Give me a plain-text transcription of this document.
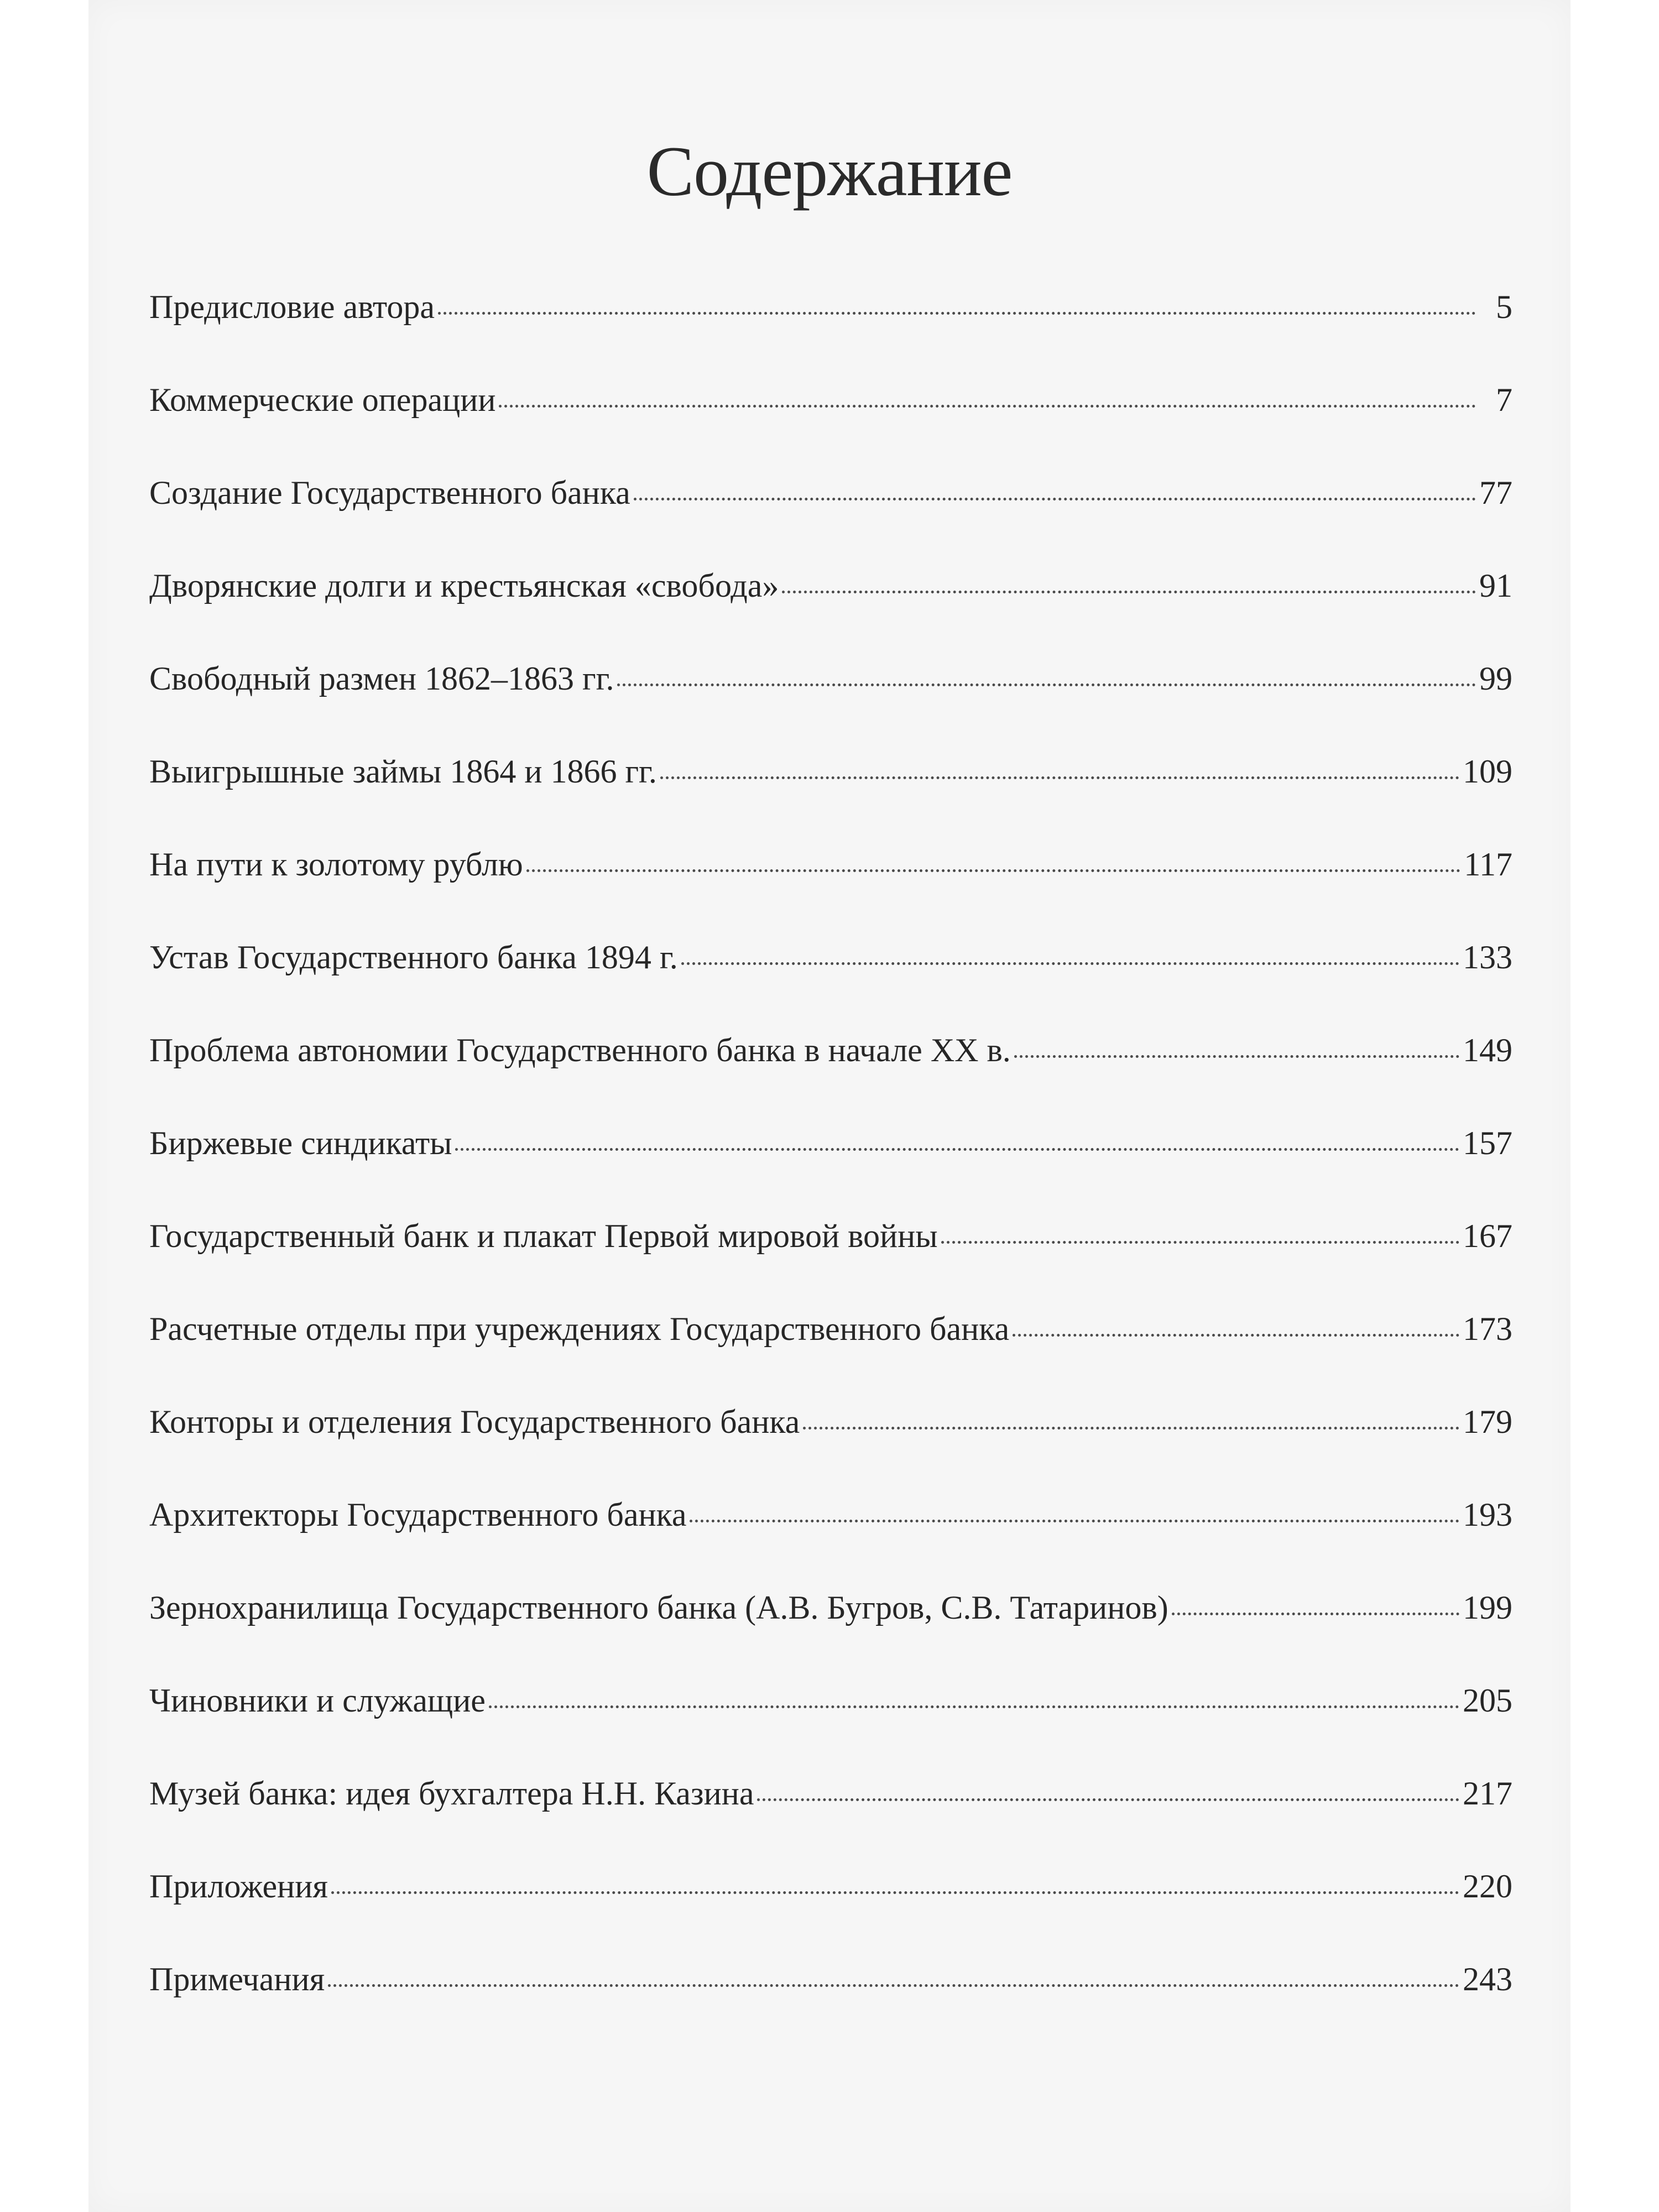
Содержание
Предисловие автора	5
Коммерческие операции	7
Создание Государственного банка	77
Дворянские долги и крестьянская «свобода»	91
Свободный размен 1862–1863 гг.	99
Выигрышные займы 1864 и 1866 гг.	109
На пути к золотому рублю	117
Устав Государственного банка 1894 г.	133
Проблема автономии Государственного банка в начале XX в.	149
Биржевые синдикаты	157
Государственный банк и плакат Первой мировой войны	167
Расчетные отделы при учреждениях Государственного банка	173
Конторы и отделения Государственного банка	179
Архитекторы Государственного банка	193
Зернохранилища Государственного банка (А.В. Бугров, С.В. Татаринов)	199
Чиновники и служащие	205
Музей банка: идея бухгалтера Н.Н. Казина	217
Приложения	220
Примечания	243
